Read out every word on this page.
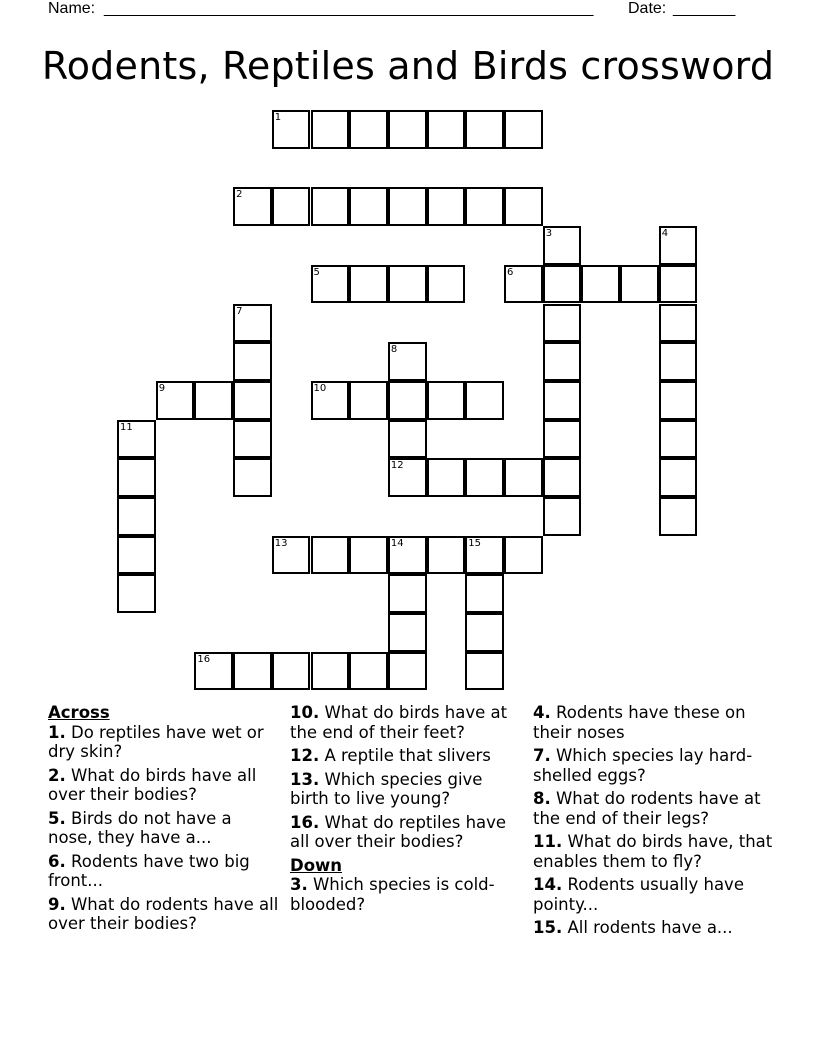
Name: _______________________________________________________	Date: _______
Rodents, Reptiles and Birds crossword
1
2
3	4
5	6
7
8
9	10
11
12
13	14	15
16
Across
1. Do reptiles have wet or dry skin?
2. What do birds have all over their bodies?
5. Birds do not have a nose, they have a...
6. Rodents have two big front...
9. What do rodents have all over their bodies?
10. What do birds have at the end of their feet?
12. A reptile that slivers
13. Which species give birth to live young?
16. What do reptiles have all over their bodies?
Down
3. Which species is cold-blooded?
4. Rodents have these on their noses
7. Which species lay hard-shelled eggs?
8. What do rodents have at the end of their legs?
11. What do birds have, that enables them to fly?
14. Rodents usually have pointy...
15. All rodents have a...
